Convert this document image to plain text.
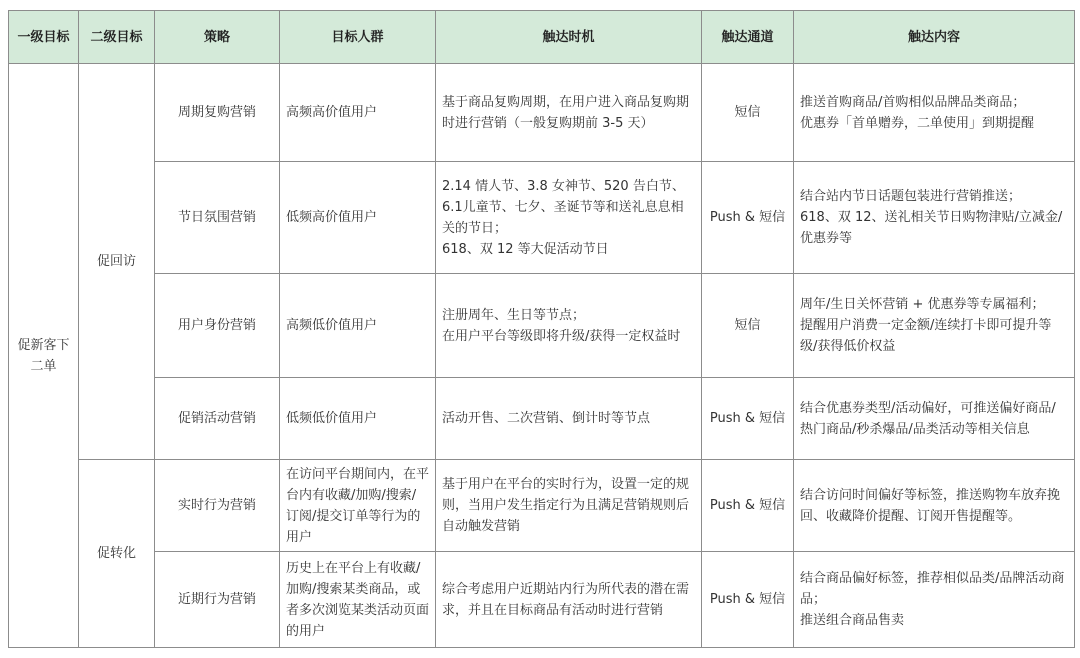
一级目标	二级目标	策略	目标人群	触达时机	触达通道	触达内容
促新客下
二单	促回访	周期复购营销	高频高价值用户	基于商品复购周期，在用户进入商品复购期时进行营销（一般复购期前 3-5 天）	短信	推送首购商品/首购相似品牌品类商品；
优惠券「首单赠券，二单使用」到期提醒
		节日氛围营销	低频高价值用户	2.14 情人节、3.8 女神节、520 告白节、6.1儿童节、七夕、圣诞节等和送礼息息相关的节日；
618、双 12 等大促活动节日	Push & 短信	结合站内节日话题包装进行营销推送；
618、双 12、送礼相关节日购物津贴/立减金/优惠券等
		用户身份营销	高频低价值用户	注册周年、生日等节点；
在用户平台等级即将升级/获得一定权益时	短信	周年/生日关怀营销 + 优惠券等专属福利；
提醒用户消费一定金额/连续打卡即可提升等级/获得低价权益
		促销活动营销	低频低价值用户	活动开售、二次营销、倒计时等节点	Push & 短信	结合优惠券类型/活动偏好，可推送偏好商品/热门商品/秒杀爆品/品类活动等相关信息
	促转化	实时行为营销	在访问平台期间内，在平台内有收藏/加购/搜索/订阅/提交订单等行为的用户	基于用户在平台的实时行为，设置一定的规则，当用户发生指定行为且满足营销规则后自动触发营销	Push & 短信	结合访问时间偏好等标签，推送购物车放弃挽回、收藏降价提醒、订阅开售提醒等。
		近期行为营销	历史上在平台上有收藏/加购/搜索某类商品，或者多次浏览某类活动页面的用户	综合考虑用户近期站内行为所代表的潜在需求，并且在目标商品有活动时进行营销	Push & 短信	结合商品偏好标签，推荐相似品类/品牌活动商品；
推送组合商品售卖
